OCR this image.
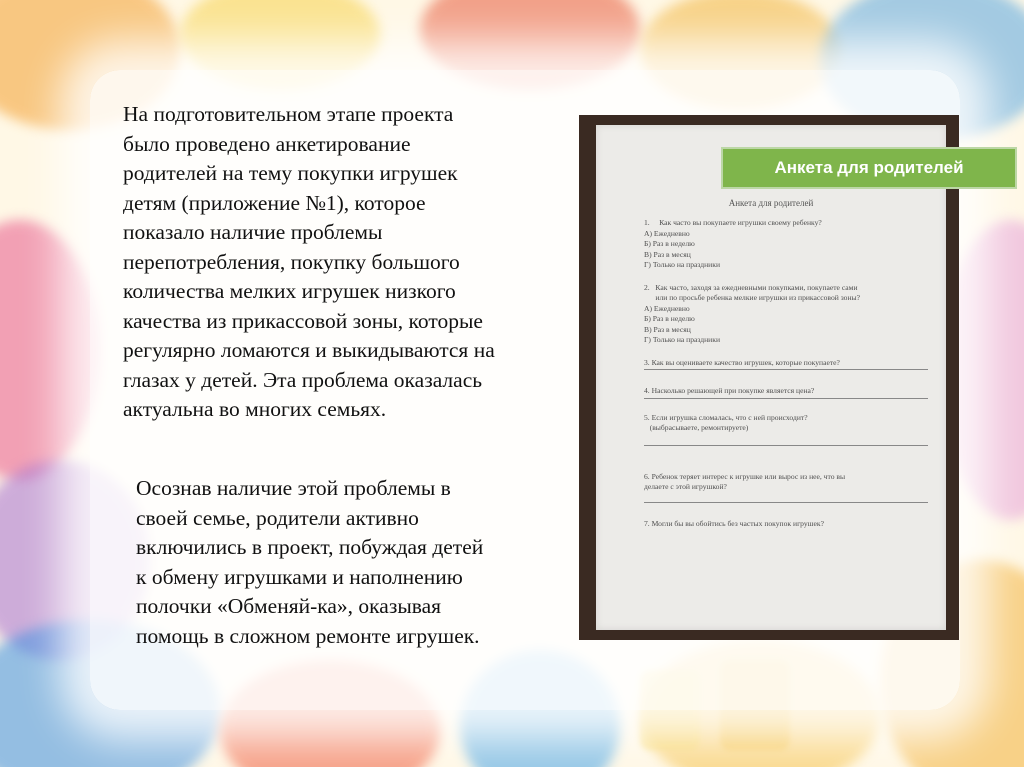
На подготовительном этапе проекта
было проведено анкетирование
родителей на тему покупки игрушек
детям (приложение №1), которое
показало наличие проблемы
перепотребления, покупку большого
количества мелких игрушек низкого
качества из прикассовой зоны, которые
регулярно ломаются и выкидываются на
глазах у детей. Эта проблема оказалась
актуальна во многих семьях.

Осознав наличие этой проблемы в
своей семье, родители активно
включились в проект, побуждая детей
к обмену игрушками и наполнению
полочки «Обменяй-ка», оказывая
помощь в сложном ремонте игрушек.

Анкета для родителей
1.     Как часто вы покупаете игрушки своему ребенку?
А) Ежедневно
Б) Раз в неделю
В) Раз в месяц
Г) Только на праздники
2.   Как часто, заходя за ежедневными покупками, покупаете сами
или по просьбе ребенка мелкие игрушки из прикассовой зоны?
А) Ежедневно
Б) Раз в неделю
В) Раз в месяц
Г) Только на праздники
3. Как вы оцениваете качество игрушек, которые покупаете?
4. Насколько решающей при покупке является цена?
5. Если игрушка сломалась, что с ней происходит?
(выбрасываете, ремонтируете)
6. Ребенок теряет интерес к игрушке или вырос из нее, что вы
делаете с этой игрушкой?
7. Могли бы вы обойтись без частых покупок игрушек?
Анкета для родителей
